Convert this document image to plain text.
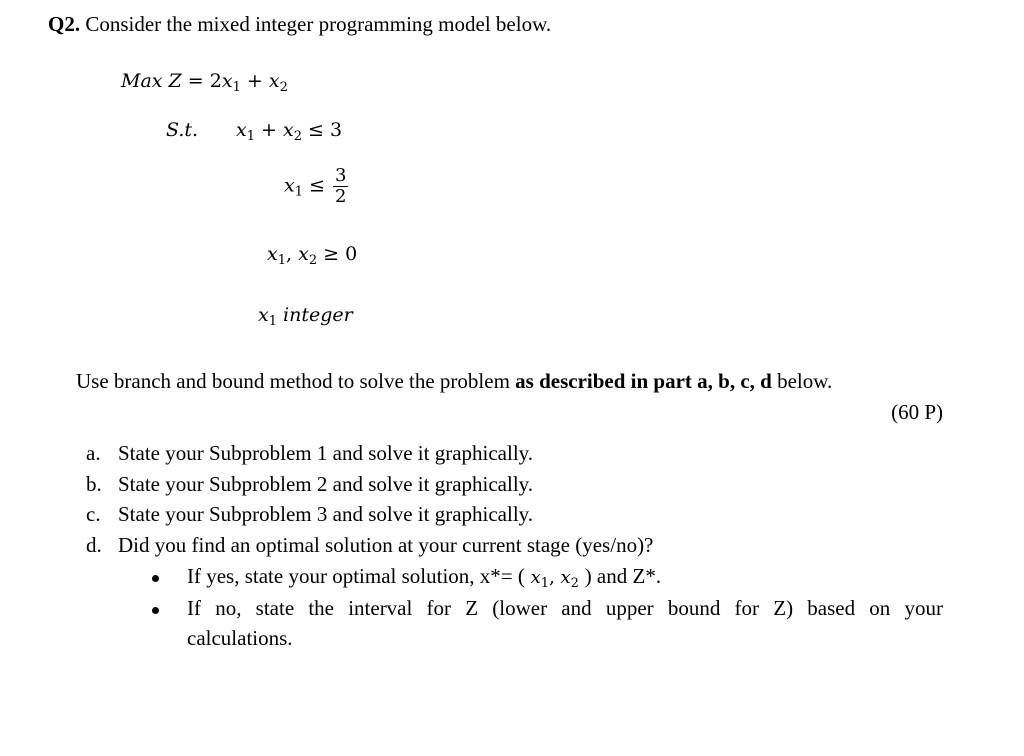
Q2. Consider the mixed integer programming model below.
Max $Z = 2x_1 + x_2$
S.t. $x_1 + x_2 \le 3$
$x_1 \le \frac{3}{2}$
$x_1$, $x_2 \ge 0$
$x_1$ integer
Use branch and bound method to solve the problem as described in part a, b, c, d below.
(60 P)
a. State your Subproblem 1 and solve it graphically.
b. State your Subproblem 2 and solve it graphically.
c. State your Subproblem 3 and solve it graphically.
d. Did you find an optimal solution at your current stage (yes/no)?
If yes, state your optimal solution, x*= ( $x_1$, $x_2$ ) and Z*.
If no, state the interval for Z (lower and upper bound for Z) based on your
calculations.
